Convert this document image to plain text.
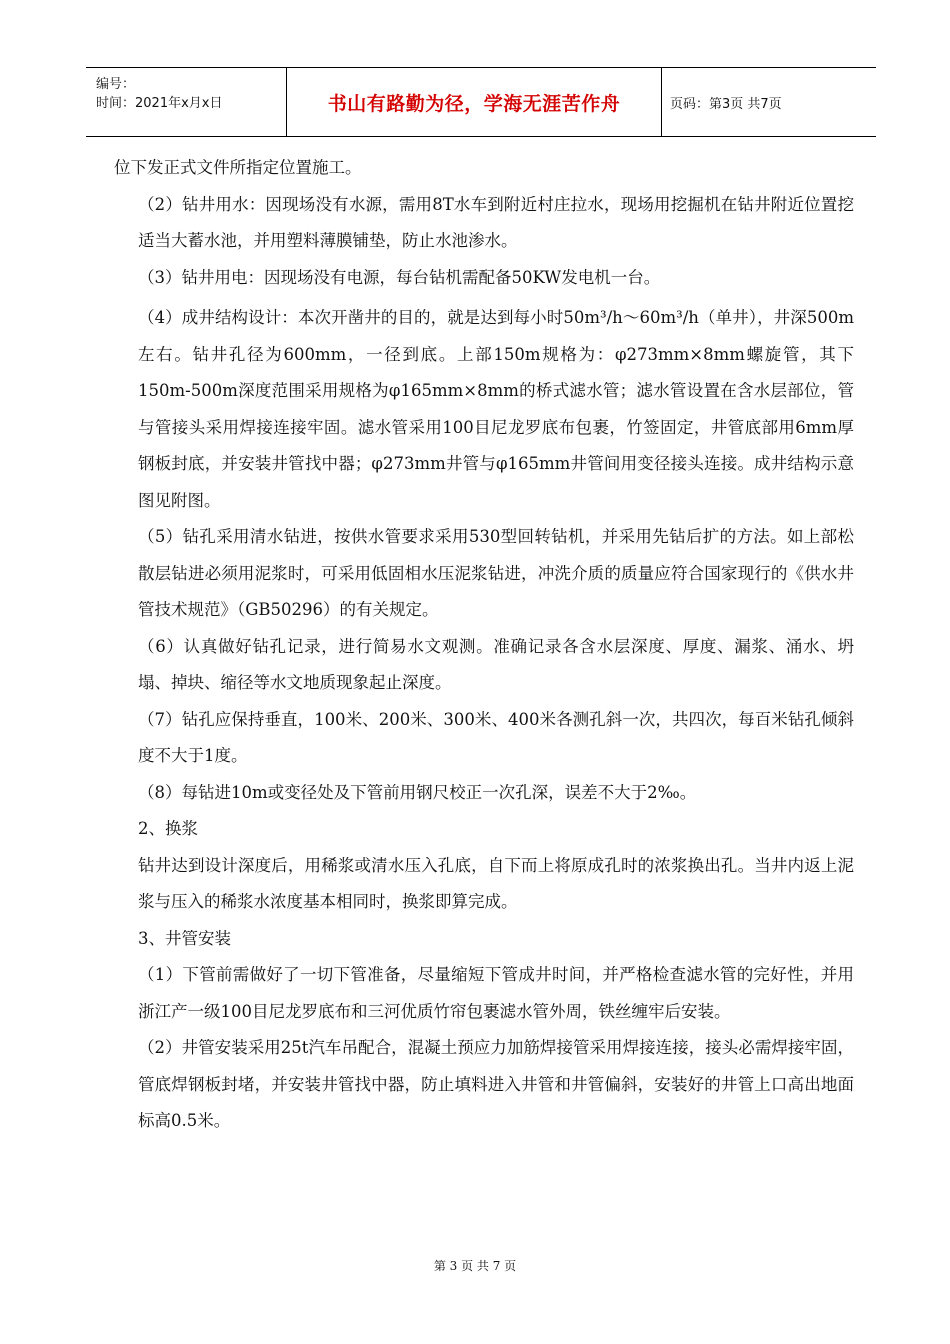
编号：
时间：2021年x月x日	书山有路勤为径，学海无涯苦作舟	页码：第3页 共7页

位下发正式文件所指定位置施工。

（2）钻井用水：因现场没有水源，需用8T水车到附近村庄拉水，现场用挖掘机在钻井附近位置挖适当大蓄水池，并用塑料薄膜铺垫，防止水池渗水。

（3）钻井用电：因现场没有电源，每台钻机需配备50KW发电机一台。

（4）成井结构设计：本次开凿井的目的，就是达到每小时50m³/h～60m³/h（单井），井深500m左右。钻井孔径为600mm，一径到底。上部150m规格为：φ273mm×8mm螺旋管，其下150m-500m深度范围采用规格为φ165mm×8mm的桥式滤水管；滤水管设置在含水层部位，管与管接头采用焊接连接牢固。滤水管采用100目尼龙罗底布包裹，竹签固定，井管底部用6mm厚钢板封底，并安装井管找中器；φ273mm井管与φ165mm井管间用变径接头连接。成井结构示意图见附图。

（5）钻孔采用清水钻进，按供水管要求采用530型回转钻机，并采用先钻后扩的方法。如上部松散层钻进必须用泥浆时，可采用低固相水压泥浆钻进，冲洗介质的质量应符合国家现行的《供水井管技术规范》（GB50296）的有关规定。

（6）认真做好钻孔记录，进行简易水文观测。准确记录各含水层深度、厚度、漏浆、涌水、坍塌、掉块、缩径等水文地质现象起止深度。

（7）钻孔应保持垂直，100米、200米、300米、400米各测孔斜一次，共四次，每百米钻孔倾斜度不大于1度。

（8）每钻进10m或变径处及下管前用钢尺校正一次孔深，误差不大于2‰。

2、换浆

钻井达到设计深度后，用稀浆或清水压入孔底，自下而上将原成孔时的浓浆换出孔。当井内返上泥浆与压入的稀浆水浓度基本相同时，换浆即算完成。

3、井管安装

（1）下管前需做好了一切下管准备，尽量缩短下管成井时间，并严格检查滤水管的完好性，并用浙江产一级100目尼龙罗底布和三河优质竹帘包裹滤水管外周，铁丝缠牢后安装。

（2）井管安装采用25t汽车吊配合，混凝土预应力加筋焊接管采用焊接连接，接头必需焊接牢固，管底焊钢板封堵，并安装井管找中器，防止填料进入井管和井管偏斜，安装好的井管上口高出地面标高0.5米。

第 3 页 共 7 页
